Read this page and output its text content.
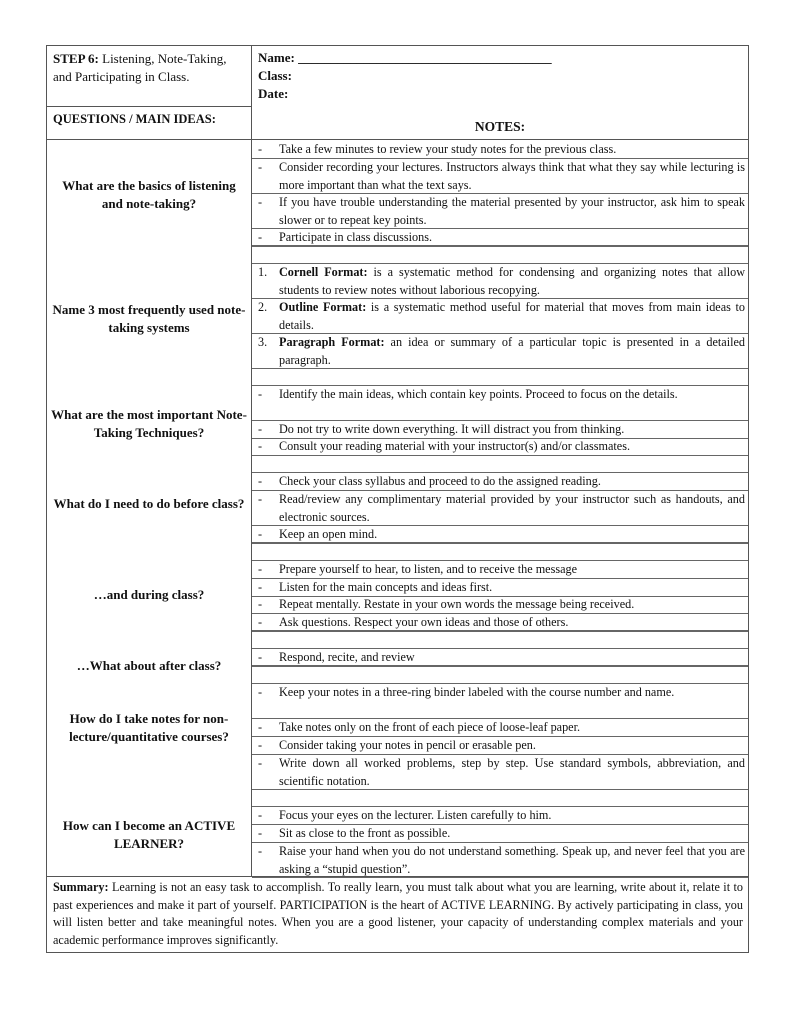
STEP 6: Listening, Note-Taking, and Participating in Class.
QUESTIONS / MAIN IDEAS:
Name: _______________________________________
Class:
Date:
NOTES:
What are the basics of listening and note-taking?
Name 3 most frequently used note-taking systems
What are the most important Note-Taking Techniques?
What do I need to do before class?
…and during class?
…What about after class?
How do I take notes for non-lecture/quantitative courses?
How can I become an ACTIVE LEARNER?
- Take a few minutes to review your study notes for the previous class.
- Consider recording your lectures. Instructors always think that what they say while lecturing is more important than what the text says.
- If you have trouble understanding the material presented by your instructor, ask him to speak slower or to repeat key points.
- Participate in class discussions.
1. Cornell Format: is a systematic method for condensing and organizing notes that allow students to review notes without laborious recopying.
2. Outline Format: is a systematic method useful for material that moves from main ideas to details.
3. Paragraph Format: an idea or summary of a particular topic is presented in a detailed paragraph.
- Identify the main ideas, which contain key points. Proceed to focus on the details.
- Do not try to write down everything. It will distract you from thinking.
- Consult your reading material with your instructor(s) and/or classmates.
- Check your class syllabus and proceed to do the assigned reading.
- Read/review any complimentary material provided by your instructor such as handouts, and electronic sources.
- Keep an open mind.
- Prepare yourself to hear, to listen, and to receive the message
- Listen for the main concepts and ideas first.
- Repeat mentally. Restate in your own words the message being received.
- Ask questions. Respect your own ideas and those of others.
- Respond, recite, and review
- Keep your notes in a three-ring binder labeled with the course number and name.
- Take notes only on the front of each piece of loose-leaf paper.
- Consider taking your notes in pencil or erasable pen.
- Write down all worked problems, step by step. Use standard symbols, abbreviation, and scientific notation.
- Focus your eyes on the lecturer. Listen carefully to him.
- Sit as close to the front as possible.
- Raise your hand when you do not understand something. Speak up, and never feel that you are asking a “stupid question”.
Summary: Learning is not an easy task to accomplish. To really learn, you must talk about what you are learning, write about it, relate it to past experiences and make it part of yourself. PARTICIPATION is the heart of ACTIVE LEARNING. By actively participating in class, you will listen better and take meaningful notes. When you are a good listener, your capacity of understanding complex materials and your academic performance improves significantly.
